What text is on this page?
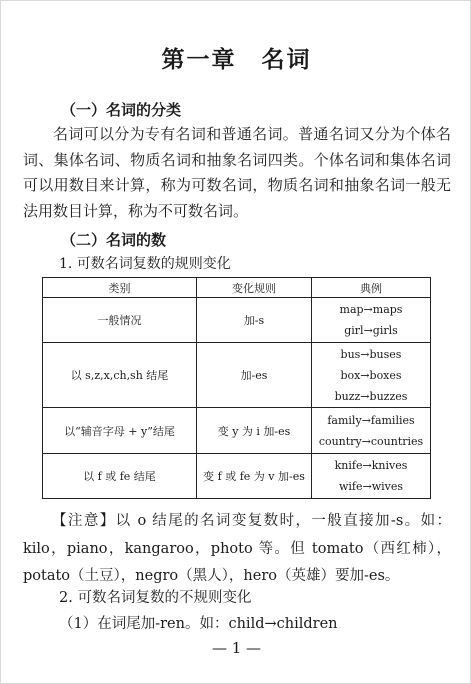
第一章　名词
（一）名词的分类

名词可以分为专有名词和普通名词。普通名词又分为个体名词、集体名词、物质名词和抽象名词四类。个体名词和集体名词可以用数目来计算，称为可数名词，物质名词和抽象名词一般无法用数目计算，称为不可数名词。

（二）名词的数
1. 可数名词复数的规则变化
类别	变化规则	典例
一般情况	加-s	map→maps
girl→girls

以 s,z,x,ch,sh 结尾	加-es	bus→buses
box→boxes
buzz→buzzes

以“辅音字母 + y”结尾	变 y 为 i 加-es	family→families
country→countries

以 f 或 fe 结尾	变 f 或 fe 为 v 加-es	knife→knives
wife→wives

【注意】以 o 结尾的名词变复数时，一般直接加-s。如：kilo，piano，kangaroo，photo 等。但 tomato（西红柿），potato（土豆），negro（黑人），hero（英雄）要加-es。

2. 可数名词复数的不规则变化
（1）在词尾加-ren。如：child→children
— 1 —
